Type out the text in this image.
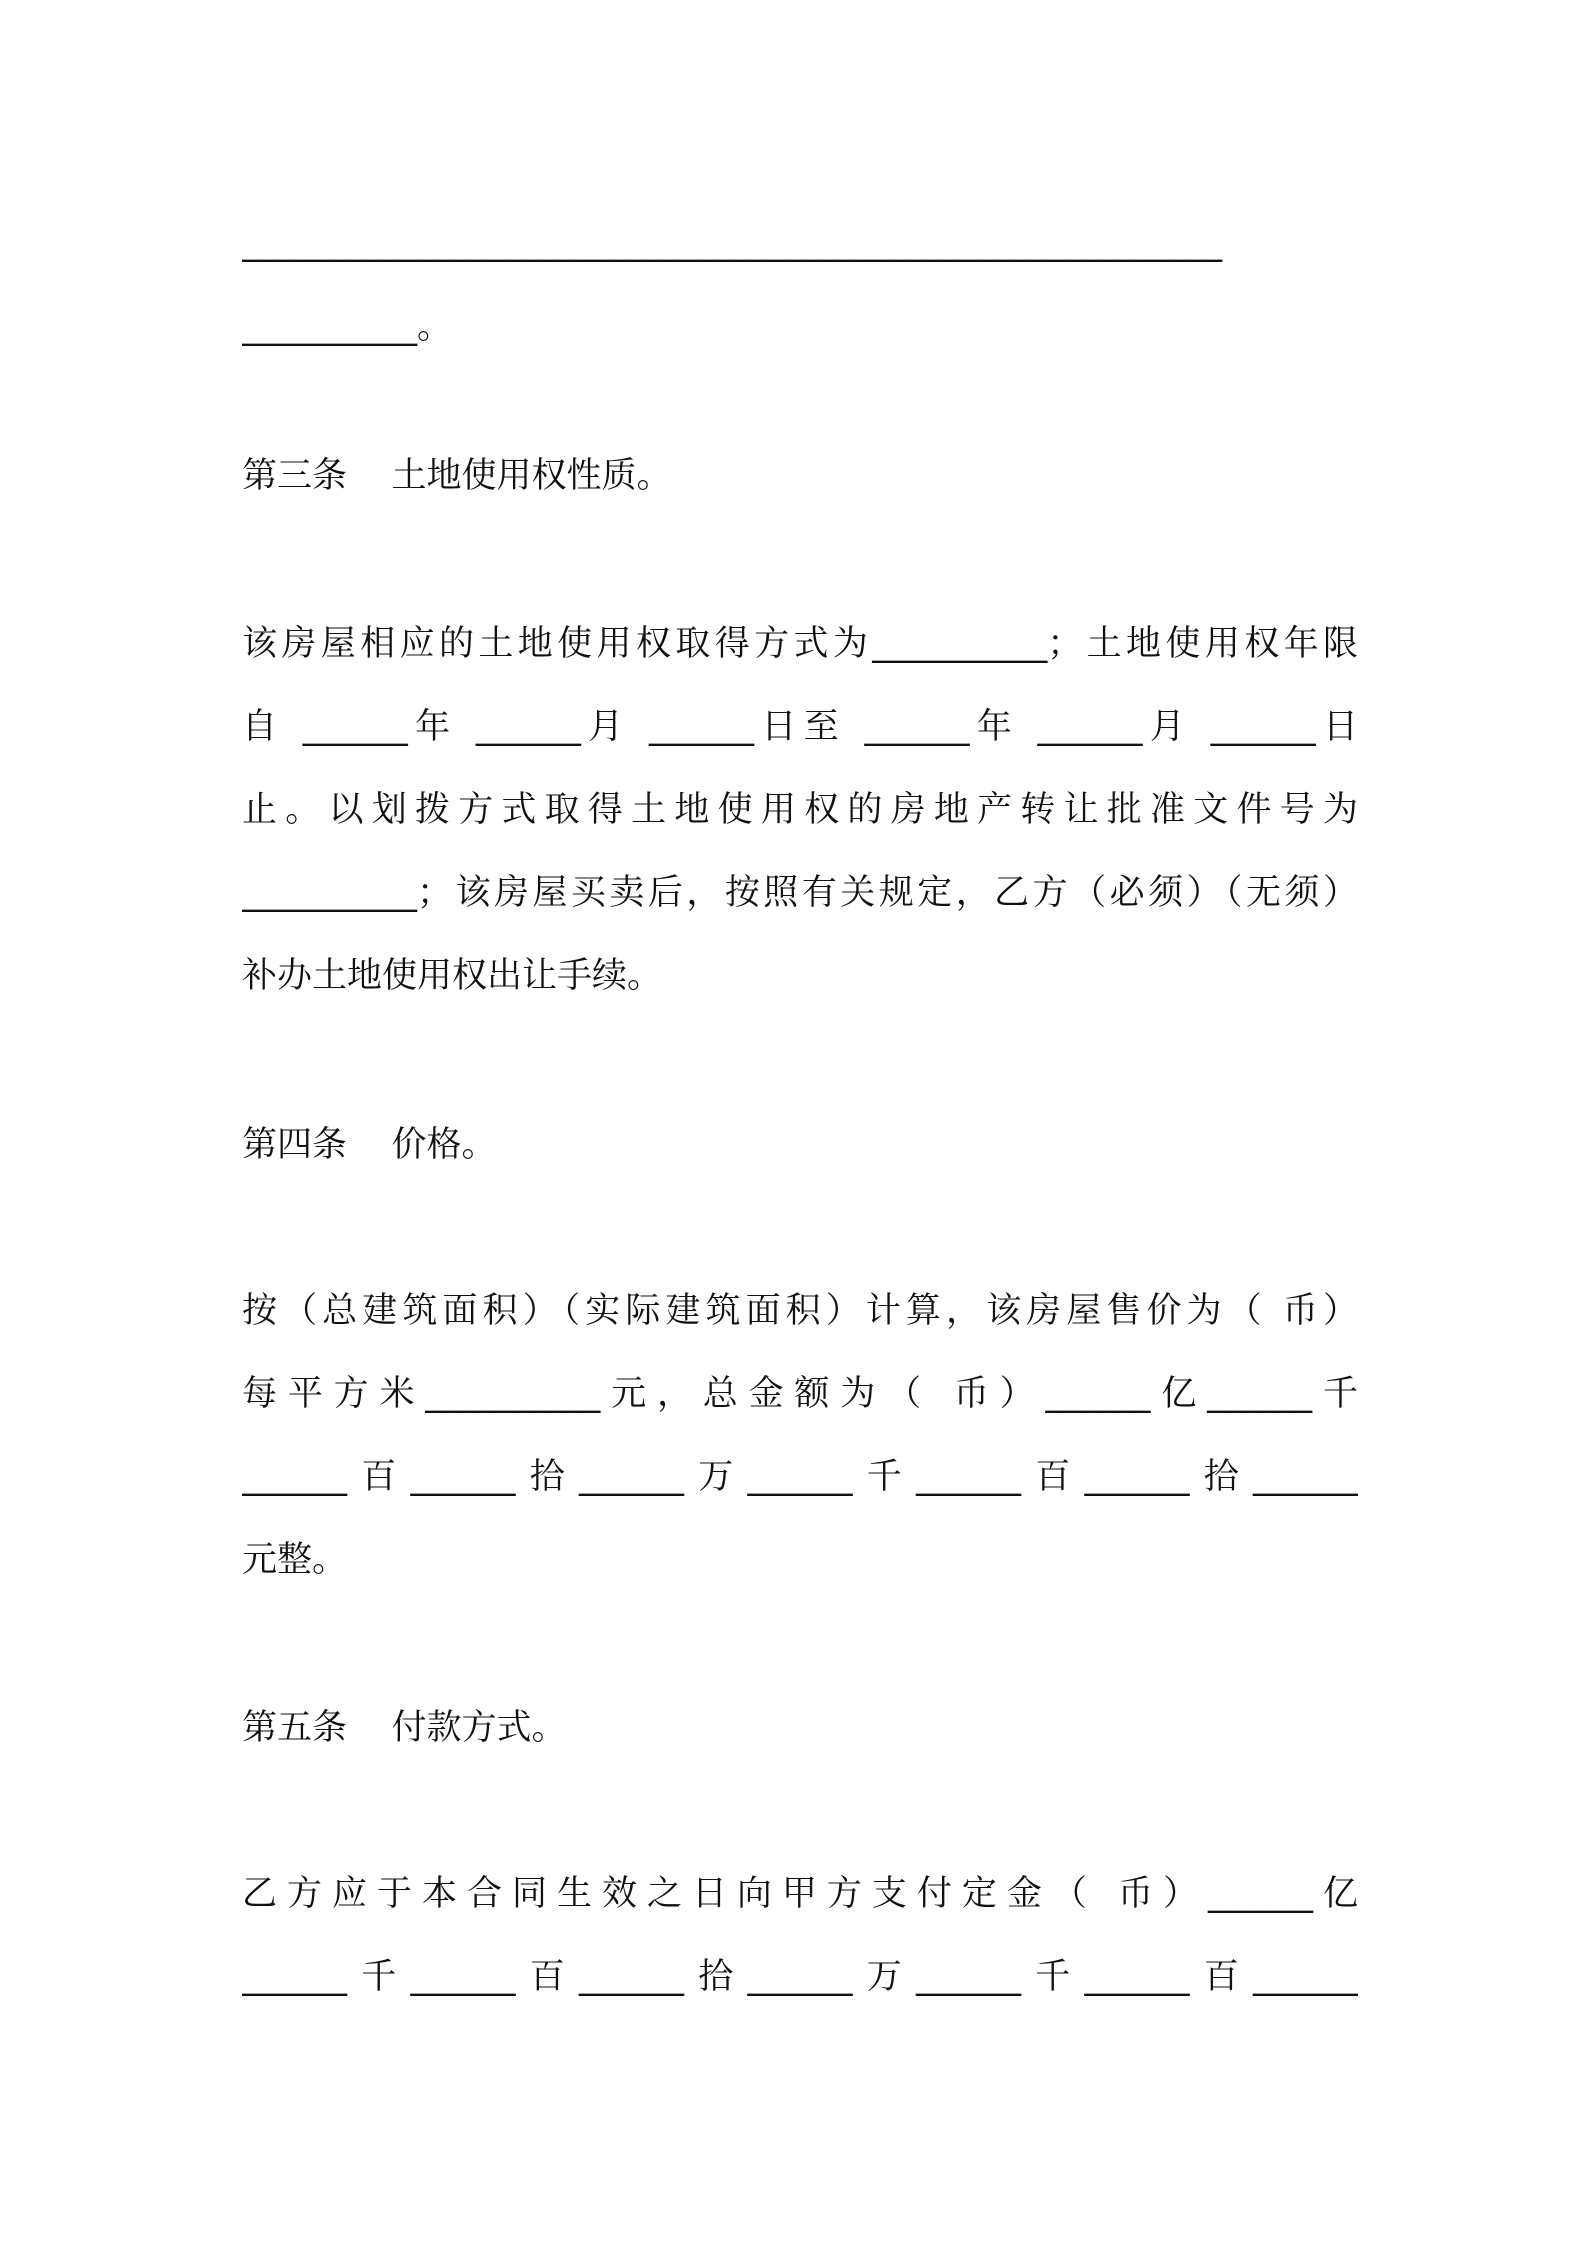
________________________________________________________
__________。
第三条    土地使用权性质。
该房屋相应的土地使用权取得方式为__________；土地使用权年限
自 ______年 ______月 ______日至 ______年 ______月 ______日
止。以划拨方式取得土地使用权的房地产转让批准文件号为
__________；该房屋买卖后，按照有关规定，乙方（必须）（无须）
补办土地使用权出让手续。
第四条    价格。
按（总建筑面积）（实际建筑面积）计算，该房屋售价为（ 币）
每平方米__________元，总金额为（ 币）______亿______千
______百______拾______万______千______百______拾______
元整。
第五条    付款方式。
乙方应于本合同生效之日向甲方支付定金（ 币）______亿
______千______百______拾______万______千______百______
